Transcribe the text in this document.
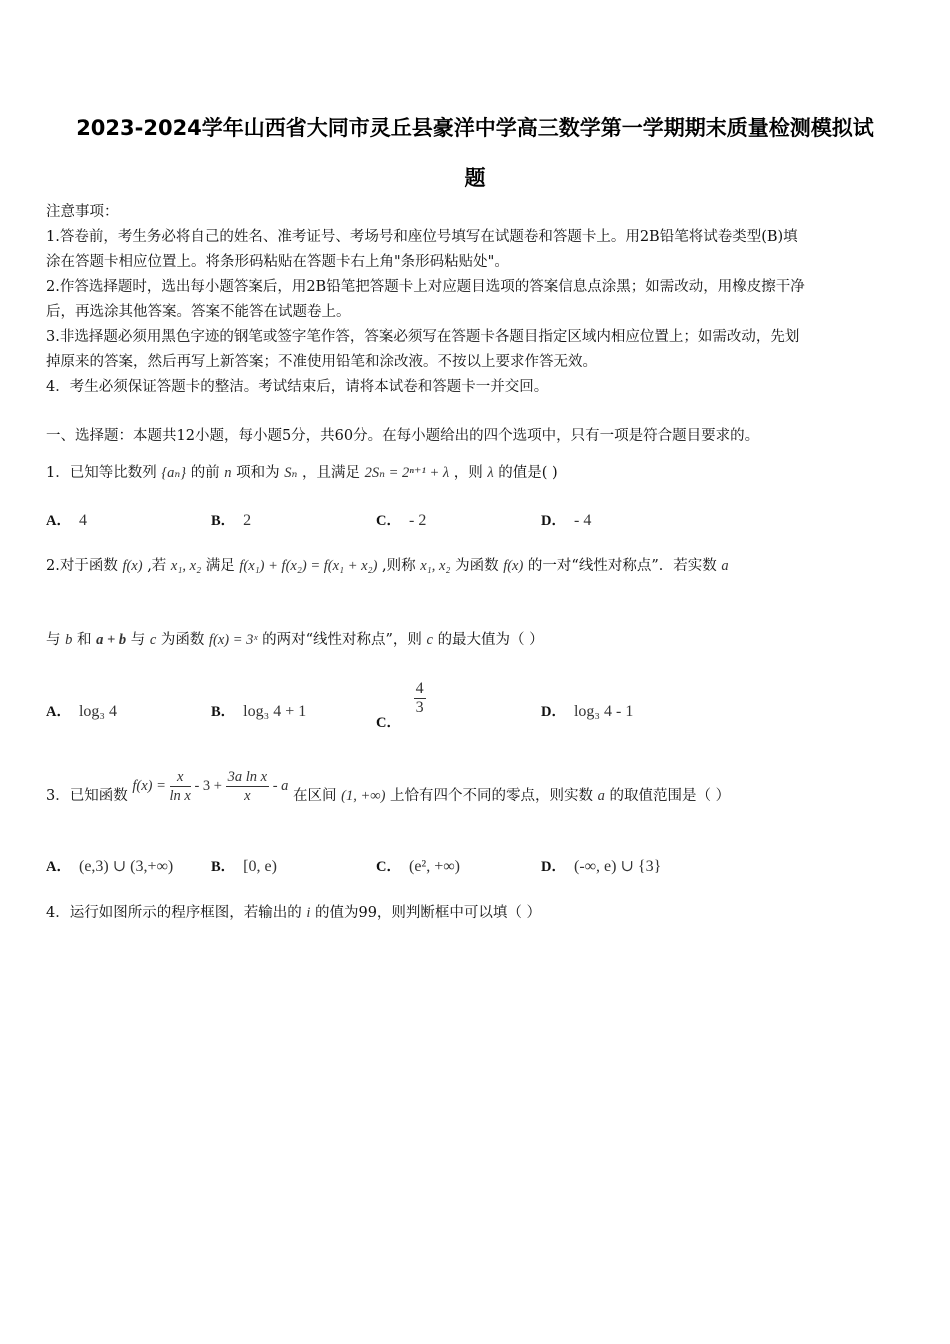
2023-2024学年山西省大同市灵丘县豪洋中学高三数学第一学期期末质量检测模拟试
题
注意事项：
1.答卷前，考生务必将自己的姓名、准考证号、考场号和座位号填写在试题卷和答题卡上。用2B铅笔将试卷类型(B)填
涂在答题卡相应位置上。将条形码粘贴在答题卡右上角"条形码粘贴处"。
2.作答选择题时，选出每小题答案后，用2B铅笔把答题卡上对应题目选项的答案信息点涂黑；如需改动，用橡皮擦干净
后，再选涂其他答案。答案不能答在试题卷上。
3.非选择题必须用黑色字迹的钢笔或签字笔作答，答案必须写在答题卡各题目指定区域内相应位置上；如需改动，先划
掉原来的答案，然后再写上新答案；不准使用铅笔和涂改液。不按以上要求作答无效。
4．考生必须保证答题卡的整洁。考试结束后，请将本试卷和答题卡一并交回。
一、选择题：本题共12小题，每小题5分，共60分。在每小题给出的四个选项中，只有一项是符合题目要求的。
1．已知等比数列 {aₙ} 的前 n 项和为 Sₙ ，且满足 2Sₙ = 2ⁿ⁺¹ + λ ，则 λ 的值是( )
A． 4	B． 2	C． - 2	D． - 4
2.对于函数 f(x) ,若 x₁, x₂ 满足 f(x₁) + f(x₂) = f(x₁ + x₂) ,则称 x₁, x₂ 为函数 f(x) 的一对“线性对称点”．若实数 a
与 b 和 a + b 与 c 为函数 f(x) = 3ˣ 的两对“线性对称点”，则 c 的最大值为（ ）
A． log₃ 4	B． log₃ 4 + 1
C．
$\frac{4}{3}$	D． log₃ 4 - 1
3．已知函数 $f(x) = \frac{x}{\text{ln x}} - 3 + \frac{\text{3a ln x}}{x} - a$ 在区间 (1, +∞) 上恰有四个不同的零点，则实数 a 的取值范围是（ ）
A． (e,3) ∪ (3,+∞)	B． [0, e)	C． (e², +∞)	D． (-∞, e) ∪ {3}
4．运行如图所示的程序框图，若输出的 i 的值为99，则判断框中可以填（ ）
